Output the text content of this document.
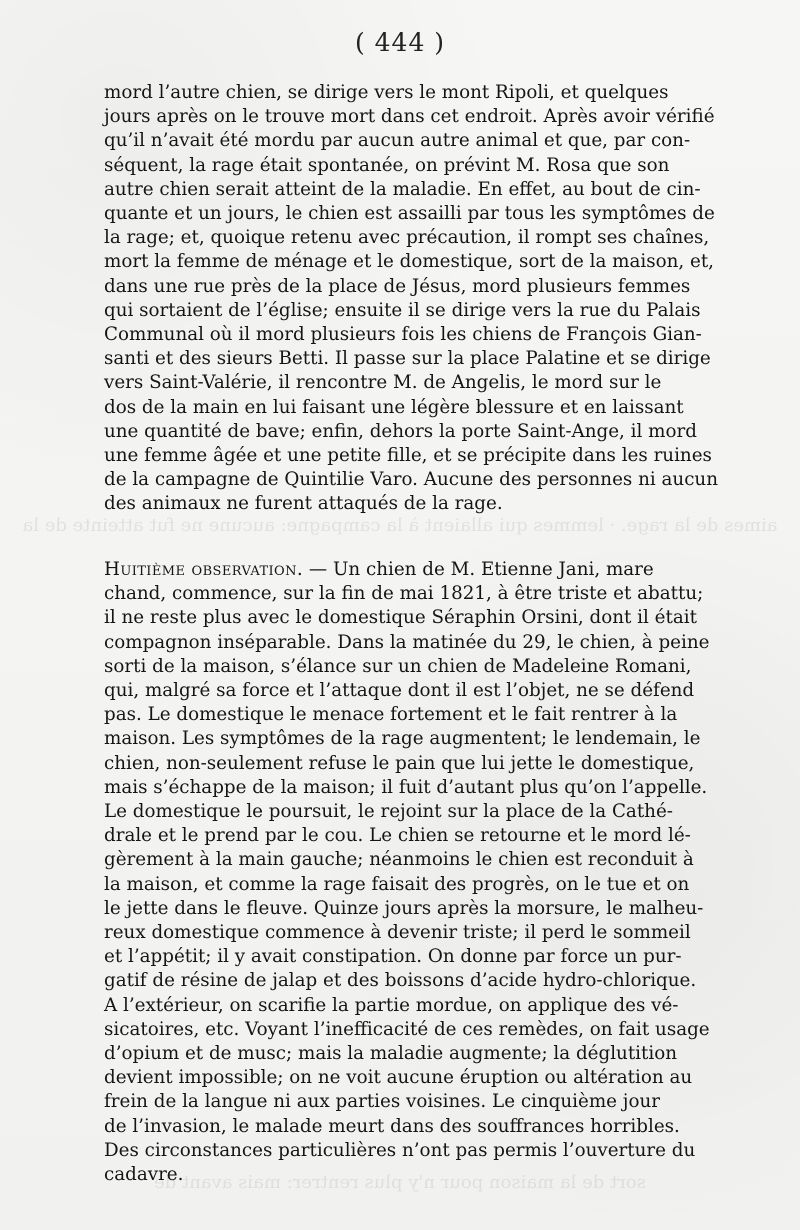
aimes de la rage. · lemmes qui allaient à la campagne: aucune ne fut atteinte de la
sort de la maison pour n'y plus rentrer: mais avant de
( 444 )
mord l’autre chien, se dirige vers le mont Ripoli, et quelques
jours après on le trouve mort dans cet endroit. Après avoir vérifié
qu’il n’avait été mordu par aucun autre animal et que, par con-
séquent, la rage était spontanée, on prévint M. Rosa que son
autre chien serait atteint de la maladie. En effet, au bout de cin-
quante et un jours, le chien est assailli par tous les symptômes de
la rage; et, quoique retenu avec précaution, il rompt ses chaînes,
mort la femme de ménage et le domestique, sort de la maison, et,
dans une rue près de la place de Jésus, mord plusieurs femmes
qui sortaient de l’église; ensuite il se dirige vers la rue du Palais
Communal où il mord plusieurs fois les chiens de François Gian-
santi et des sieurs Betti. Il passe sur la place Palatine et se dirige
vers Saint-Valérie, il rencontre M. de Angelis, le mord sur le
dos de la main en lui faisant une légère blessure et en laissant
une quantité de bave; enfin, dehors la porte Saint-Ange, il mord
une femme âgée et une petite fille, et se précipite dans les ruines
de la campagne de Quintilie Varo. Aucune des personnes ni aucun
des animaux ne furent attaqués de la rage.
Huitième observation. — Un chien de M. Etienne Jani, mare
chand, commence, sur la fin de mai 1821, à être triste et abattu;
il ne reste plus avec le domestique Séraphin Orsini, dont il était
compagnon inséparable. Dans la matinée du 29, le chien, à peine
sorti de la maison, s’élance sur un chien de Madeleine Romani,
qui, malgré sa force et l’attaque dont il est l’objet, ne se défend
pas. Le domestique le menace fortement et le fait rentrer à la
maison. Les symptômes de la rage augmentent; le lendemain, le
chien, non-seulement refuse le pain que lui jette le domestique,
mais s’échappe de la maison; il fuit d’autant plus qu’on l’appelle.
Le domestique le poursuit, le rejoint sur la place de la Cathé-
drale et le prend par le cou. Le chien se retourne et le mord lé-
gèrement à la main gauche; néanmoins le chien est reconduit à
la maison, et comme la rage faisait des progrès, on le tue et on
le jette dans le fleuve. Quinze jours après la morsure, le malheu-
reux domestique commence à devenir triste; il perd le sommeil
et l’appétit; il y avait constipation. On donne par force un pur-
gatif de résine de jalap et des boissons d’acide hydro-chlorique.
A l’extérieur, on scarifie la partie mordue, on applique des vé-
sicatoires, etc. Voyant l’inefficacité de ces remèdes, on fait usage
d’opium et de musc; mais la maladie augmente; la déglutition
devient impossible; on ne voit aucune éruption ou altération au
frein de la langue ni aux parties voisines. Le cinquième jour
de l’invasion, le malade meurt dans des souffrances horribles.
Des circonstances particulières n’ont pas permis l’ouverture du
cadavre.
